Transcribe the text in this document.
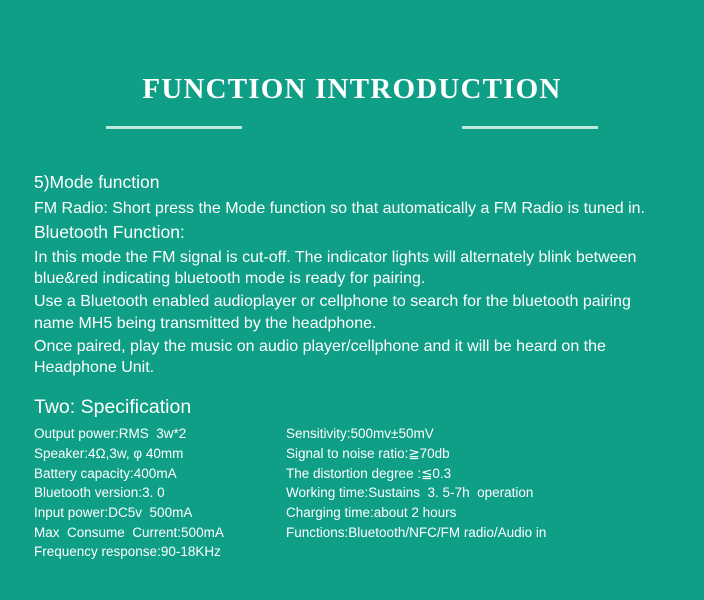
FUNCTION INTRODUCTION
5)Mode function

FM Radio: Short press the Mode function so that automatically a FM Radio is tuned in.

Bluetooth Function:

In this mode the FM signal is cut-off. The indicator lights will alternately blink between blue&red indicating bluetooth mode is ready for pairing.

Use a Bluetooth enabled audioplayer or cellphone to search for the bluetooth pairing name MH5 being transmitted by the headphone.

Once paired, play the music on audio player/cellphone and it will be heard on the Headphone Unit.

Two: Specification
Output power:RMS  3w*2
Speaker:4Ω,3w, φ 40mm
Battery capacity:400mA
Bluetooth version:3. 0
Input power:DC5v  500mA
Max  Consume  Current:500mA
Frequency response:90-18KHz
Sensitivity:500mv±50mV
Signal to noise ratio:≧70db
The distortion degree :≦0.3
Working time:Sustains  3. 5-7h  operation
Charging time:about 2 hours
Functions:Bluetooth/NFC/FM radio/Audio in
